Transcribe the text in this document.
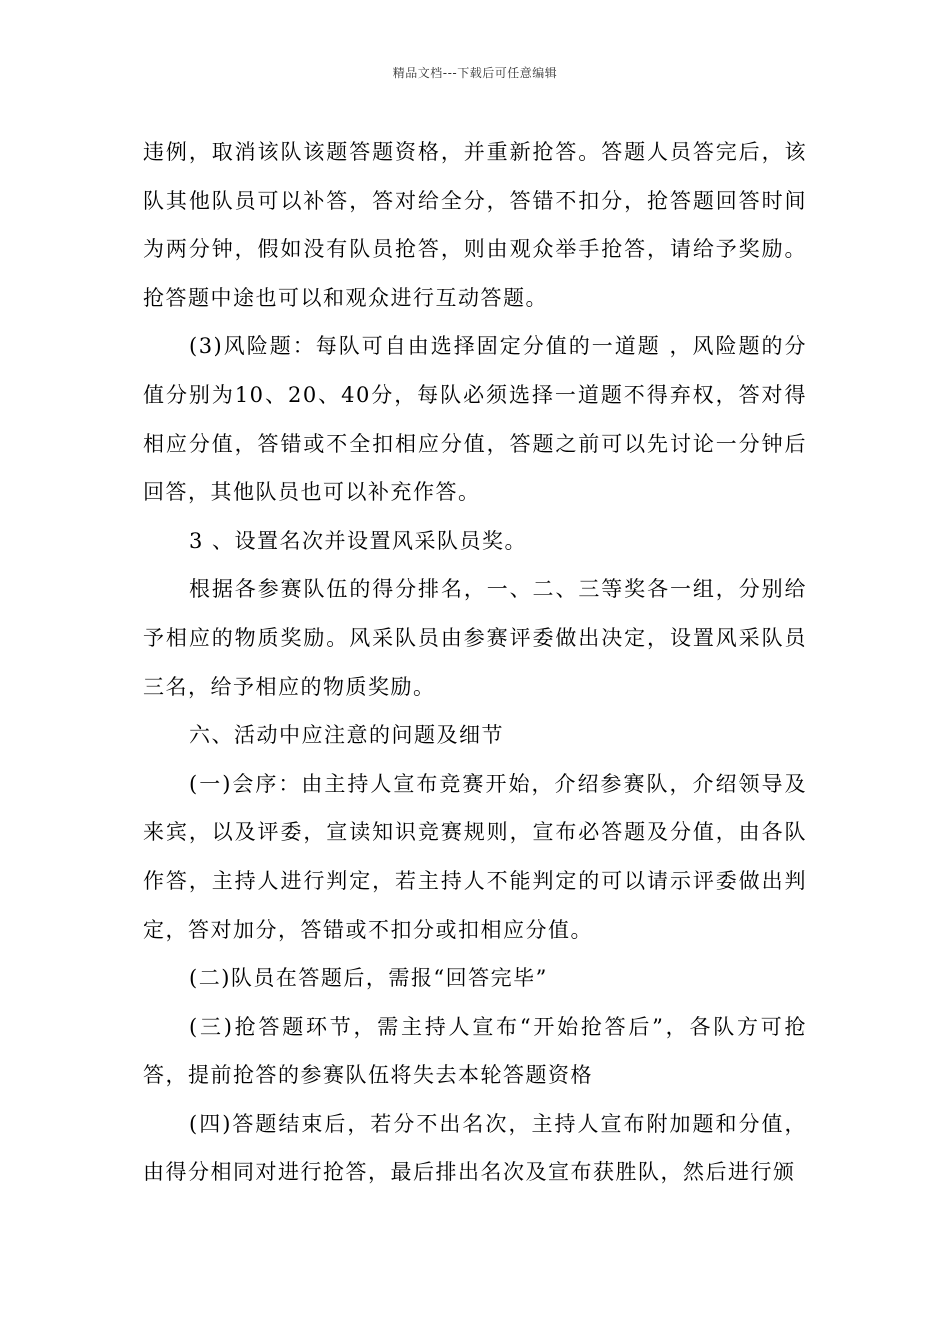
精品文档---下载后可任意编辑

违例，取消该队该题答题资格，并重新抢答。答题人员答完后，该队其他队员可以补答，答对给全分，答错不扣分，抢答题回答时间为两分钟，假如没有队员抢答，则由观众举手抢答，请给予奖励。抢答题中途也可以和观众进行互动答题。

(3)风险题：每队可自由选择固定分值的一道题 ，风险题的分值分别为10、20、40分，每队必须选择一道题不得弃权，答对得相应分值，答错或不全扣相应分值，答题之前可以先讨论一分钟后回答，其他队员也可以补充作答。

3 、设置名次并设置风采队员奖。

根据各参赛队伍的得分排名，一、二、三等奖各一组，分别给予相应的物质奖励。风采队员由参赛评委做出决定，设置风采队员三名，给予相应的物质奖励。

六、活动中应注意的问题及细节

(一)会序：由主持人宣布竞赛开始，介绍参赛队，介绍领导及来宾，以及评委，宣读知识竞赛规则，宣布必答题及分值，由各队作答，主持人进行判定，若主持人不能判定的可以请示评委做出判定，答对加分，答错或不扣分或扣相应分值。

(二)队员在答题后，需报“回答完毕”

(三)抢答题环节，需主持人宣布“开始抢答后”，各队方可抢答，提前抢答的参赛队伍将失去本轮答题资格

(四)答题结束后，若分不出名次，主持人宣布附加题和分值，由得分相同对进行抢答，最后排出名次及宣布获胜队，然后进行颁
